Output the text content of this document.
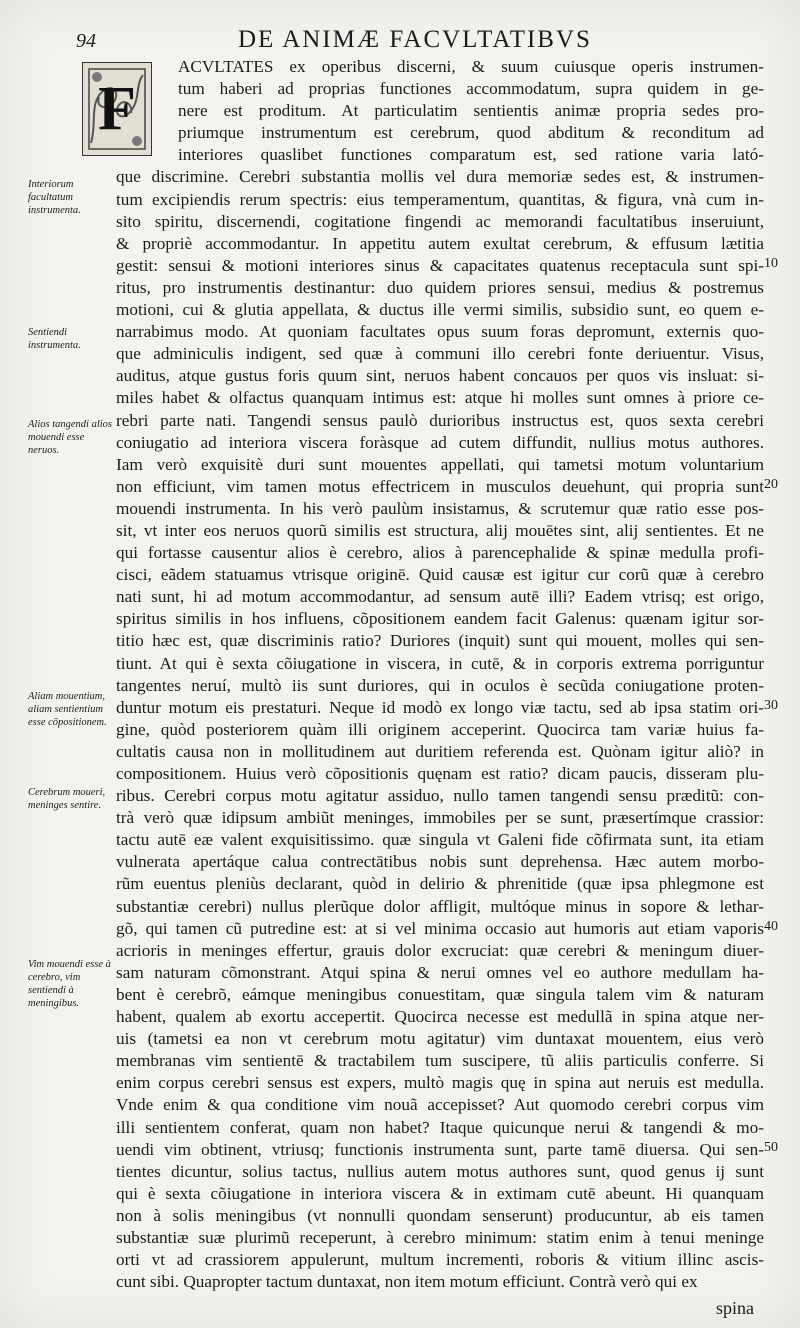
94	DE ANIMÆ FACVLTATIBVS
F
ACVLTATES ex operibus discerni, & suum cuiusque operis instrumen-
tum haberi ad proprias functiones accommodatum, supra quidem in ge-
nere est proditum. At particulatim sentientis animæ propria sedes pro-
priumque instrumentum est cerebrum, quod abditum & reconditum ad
interiores quaslibet functiones comparatum est, sed ratione varia lató-
que discrimine. Cerebri substantia mollis vel dura memoriæ sedes est, & instrumen-
tum excipiendis rerum spectris: eius temperamentum, quantitas, & figura, vnà cum in-
sito spiritu, discernendi, cogitatione fingendi ac memorandi facultatibus inseruiunt,
& propriè accommodantur. In appetitu autem exultat cerebrum, & effusum lætitia
gestit: sensui & motioni interiores sinus & capacitates quatenus receptacula sunt spi-
ritus, pro instrumentis destinantur: duo quidem priores sensui, medius & postremus
motioni, cui & glutia appellata, & ductus ille vermi similis, subsidio sunt, eo quem e-
narrabimus modo. At quoniam facultates opus suum foras depromunt, externis quo-
que adminiculis indigent, sed quæ à communi illo cerebri fonte deriuentur. Visus,
auditus, atque gustus foris quum sint, neruos habent concauos per quos vis insluat: si-
miles habet & olfactus quanquam intimus est: atque hi molles sunt omnes à priore ce-
rebri parte nati. Tangendi sensus paulò durioribus instructus est, quos sexta cerebri
coniugatio ad interiora viscera foràsque ad cutem diffundit, nullius motus authores.
Iam verò exquisitè duri sunt mouentes appellati, qui tametsi motum voluntarium
non efficiunt, vim tamen motus effectricem in musculos deuehunt, qui propria sunt
mouendi instrumenta. In his verò paulùm insistamus, & scrutemur quæ ratio esse pos-
sit, vt inter eos neruos quorũ similis est structura, alij mouētes sint, alij sentientes. Et ne
qui fortasse causentur alios è cerebro, alios à parencephalide & spinæ medulla profi-
cisci, eãdem statuamus vtrisque originē. Quid causæ est igitur cur corũ quæ à cerebro
nati sunt, hi ad motum accommodantur, ad sensum autē illi? Eadem vtrisq; est origo,
spiritus similis in hos influens, cõpositionem eandem facit Galenus: quænam igitur sor-
titio hæc est, quæ discriminis ratio? Duriores (inquit) sunt qui mouent, molles qui sen-
tiunt. At qui è sexta cõiugatione in viscera, in cutē, & in corporis extrema porriguntur
tangentes neruí, multò iis sunt duriores, qui in oculos è secũda coniugatione proten-
duntur motum eis prestaturi. Neque id modò ex longo viæ tactu, sed ab ipsa statim ori-
gine, quòd posteriorem quàm illi originem acceperint. Quocirca tam variæ huius fa-
cultatis causa non in mollitudinem aut duritiem referenda est. Quònam igitur aliò? in
compositionem. Huius verò cõpositionis quęnam est ratio? dicam paucis, disseram plu-
ribus. Cerebri corpus motu agitatur assiduo, nullo tamen tangendi sensu præditũ: con-
trà verò quæ idipsum ambiũt meninges, immobiles per se sunt, præsertímque crassior:
tactu autē eæ valent exquisitissimo. quæ singula vt Galeni fide cõfirmata sunt, ita etiam
vulnerata apertáque calua contrectātibus nobis sunt deprehensa. Hæc autem morbo-
rũm euentus pleniùs declarant, quòd in delirio & phrenitide (quæ ipsa phlegmone est
substantiæ cerebri) nullus plerũque dolor affligit, multóque minus in sopore & lethar-
gõ, qui tamen cũ putredine est: at si vel minima occasio aut humoris aut etiam vaporis
acrioris in meninges effertur, grauis dolor excruciat: quæ cerebri & meningum diuer-
sam naturam cõmonstrant. Atqui spina & nerui omnes vel eo authore medullam ha-
bent è cerebrõ, eámque meningibus conuestitam, quæ singula talem vim & naturam
habent, qualem ab exortu accepertit. Quocirca necesse est medullã in spina atque ner-
uis (tametsi ea non vt cerebrum motu agitatur) vim duntaxat mouentem, eius verò
membranas vim sentientē & tractabilem tum suscipere, tũ aliis particulis conferre. Si
enim corpus cerebri sensus est expers, multò magis quę in spina aut neruis est medulla.
Vnde enim & qua conditione vim nouã accepisset? Aut quomodo cerebri corpus vim
illi sentientem conferat, quam non habet? Itaque quicunque nerui & tangendi & mo-
uendi vim obtinent, vtriusq; functionis instrumenta sunt, parte tamē diuersa. Qui sen-
tientes dicuntur, solius tactus, nullius autem motus authores sunt, quod genus ij sunt
qui è sexta cõiugatione in interiora viscera & in extimam cutē abeunt. Hi quanquam
non à solis meningibus (vt nonnulli quondam senserunt) producuntur, ab eis tamen
substantiæ suæ plurimũ receperunt, à cerebro minimum: statim enim à tenui meninge
orti vt ad crassiorem appulerunt, multum incrementi, roboris & vitium illinc ascis-
cunt sibi. Quapropter tactum duntaxat, non item motum efficiunt. Contrà verò qui ex
Interiorum facultatum instrumenta.
Sentiendi instrumenta.
Alios tangendi alios mouendi esse neruos.
Aliam mouentium, aliam sentientium esse cõpositionem.
Cerebrum moueri, meninges sentire.
Vim mouendi esse à cerebro, vim sentiendi à meningibus.
10
20
30
40
50
spina
